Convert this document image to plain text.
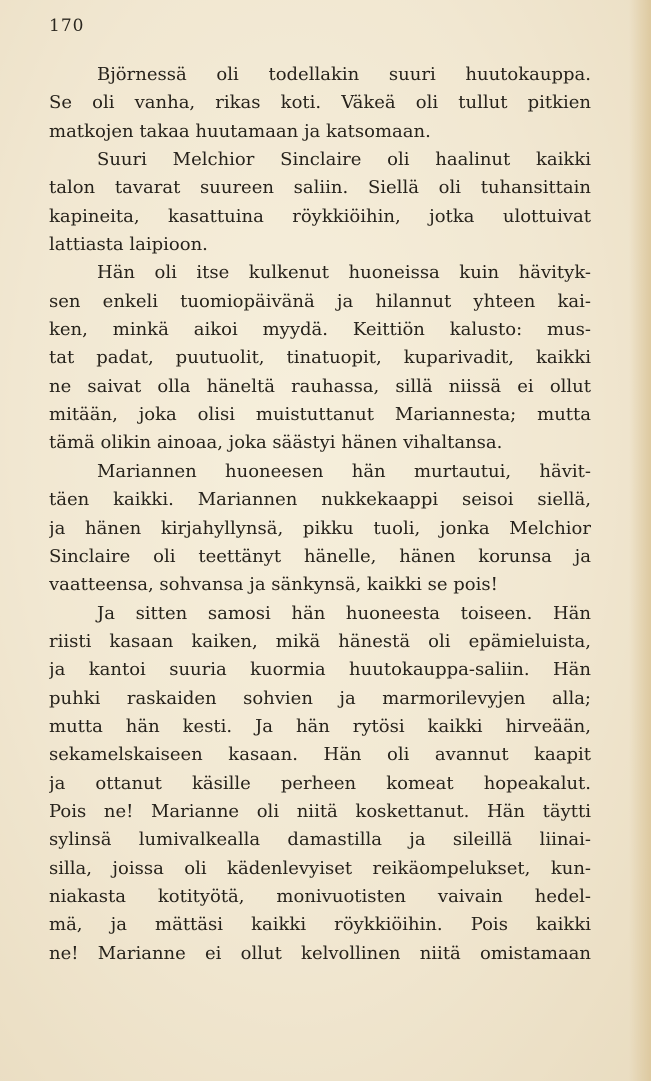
170
Björnessä oli todellakin suuri huutokauppa.
Se oli vanha, rikas koti. Väkeä oli tullut pitkien
matkojen takaa huutamaan ja katsomaan.
Suuri Melchior Sinclaire oli haalinut kaikki
talon tavarat suureen saliin. Siellä oli tuhansittain
kapineita, kasattuina röykkiöihin, jotka ulottuivat
lattiasta laipioon.
Hän oli itse kulkenut huoneissa kuin hävityk-
sen enkeli tuomiopäivänä ja hilannut yhteen kai-
ken, minkä aikoi myydä. Keittiön kalusto: mus-
tat padat, puutuolit, tinatuopit, kuparivadit, kaikki
ne saivat olla häneltä rauhassa, sillä niissä ei ollut
mitään, joka olisi muistuttanut Mariannesta; mutta
tämä olikin ainoaa, joka säästyi hänen vihaltansa.
Mariannen huoneesen hän murtautui, hävit-
täen kaikki. Mariannen nukkekaappi seisoi siellä,
ja hänen kirjahyllynsä, pikku tuoli, jonka Melchior
Sinclaire oli teettänyt hänelle, hänen korunsa ja
vaatteensa, sohvansa ja sänkynsä, kaikki se pois!
Ja sitten samosi hän huoneesta toiseen. Hän
riisti kasaan kaiken, mikä hänestä oli epämieluista,
ja kantoi suuria kuormia huutokauppa-saliin. Hän
puhki raskaiden sohvien ja marmorilevyjen alla;
mutta hän kesti. Ja hän rytösi kaikki hirveään,
sekamelskaiseen kasaan. Hän oli avannut kaapit
ja ottanut käsille perheen komeat hopeakalut.
Pois ne! Marianne oli niitä koskettanut. Hän täytti
sylinsä lumivalkealla damastilla ja sileillä liinai-
silla, joissa oli kädenlevyiset reikäompelukset, kun-
niakasta kotityötä, monivuotisten vaivain hedel-
mä, ja mättäsi kaikki röykkiöihin. Pois kaikki
ne! Marianne ei ollut kelvollinen niitä omistamaan
